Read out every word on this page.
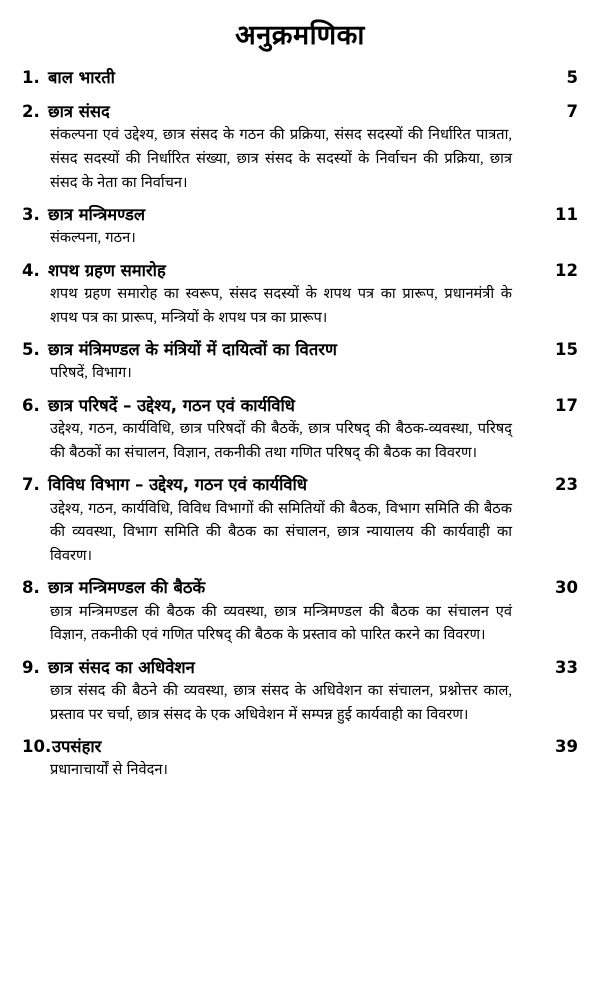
अनुक्रमणिका
1. बाल भारती	5
2. छात्र संसद	7

संकल्पना एवं उद्देश्य, छात्र संसद के गठन की प्रक्रिया, संसद सदस्यों की निर्धारित पात्रता, संसद सदस्यों की निर्धारित संख्या, छात्र संसद के सदस्यों के निर्वाचन की प्रक्रिया, छात्र संसद के नेता का निर्वाचन।

3. छात्र मन्त्रिमण्डल	11

संकल्पना, गठन।

4. शपथ ग्रहण समारोह	12

शपथ ग्रहण समारोह का स्वरूप, संसद सदस्यों के शपथ पत्र का प्रारूप, प्रधानमंत्री के शपथ पत्र का प्रारूप, मन्त्रियों के शपथ पत्र का प्रारूप।

5. छात्र मंत्रिमण्डल के मंत्रियों में दायित्वों का वितरण	15

परिषदें, विभाग।

6. छात्र परिषदें – उद्देश्य, गठन एवं कार्यविधि	17

उद्देश्य, गठन, कार्यविधि, छात्र परिषदों की बैठकें, छात्र परिषद् की बैठक-व्यवस्था, परिषद् की बैठकों का संचालन, विज्ञान, तकनीकी तथा गणित परिषद् की बैठक का विवरण।

7. विविध विभाग – उद्देश्य, गठन एवं कार्यविधि	23

उद्देश्य, गठन, कार्यविधि, विविध विभागों की समितियों की बैठक, विभाग समिति की बैठक की व्यवस्था, विभाग समिति की बैठक का संचालन, छात्र न्यायालय की कार्यवाही का विवरण।

8. छात्र मन्त्रिमण्डल की बैठकें	30

छात्र मन्त्रिमण्डल की बैठक की व्यवस्था, छात्र मन्त्रिमण्डल की बैठक का संचालन एवं विज्ञान, तकनीकी एवं गणित परिषद् की बैठक के प्रस्ताव को पारित करने का विवरण।

9. छात्र संसद का अधिवेशन	33

छात्र संसद की बैठने की व्यवस्था, छात्र संसद के अधिवेशन का संचालन, प्रश्नोत्तर काल, प्रस्ताव पर चर्चा, छात्र संसद के एक अधिवेशन में सम्पन्न हुई कार्यवाही का विवरण।

10. उपसंहार	39

प्रधानाचार्यों से निवेदन।
